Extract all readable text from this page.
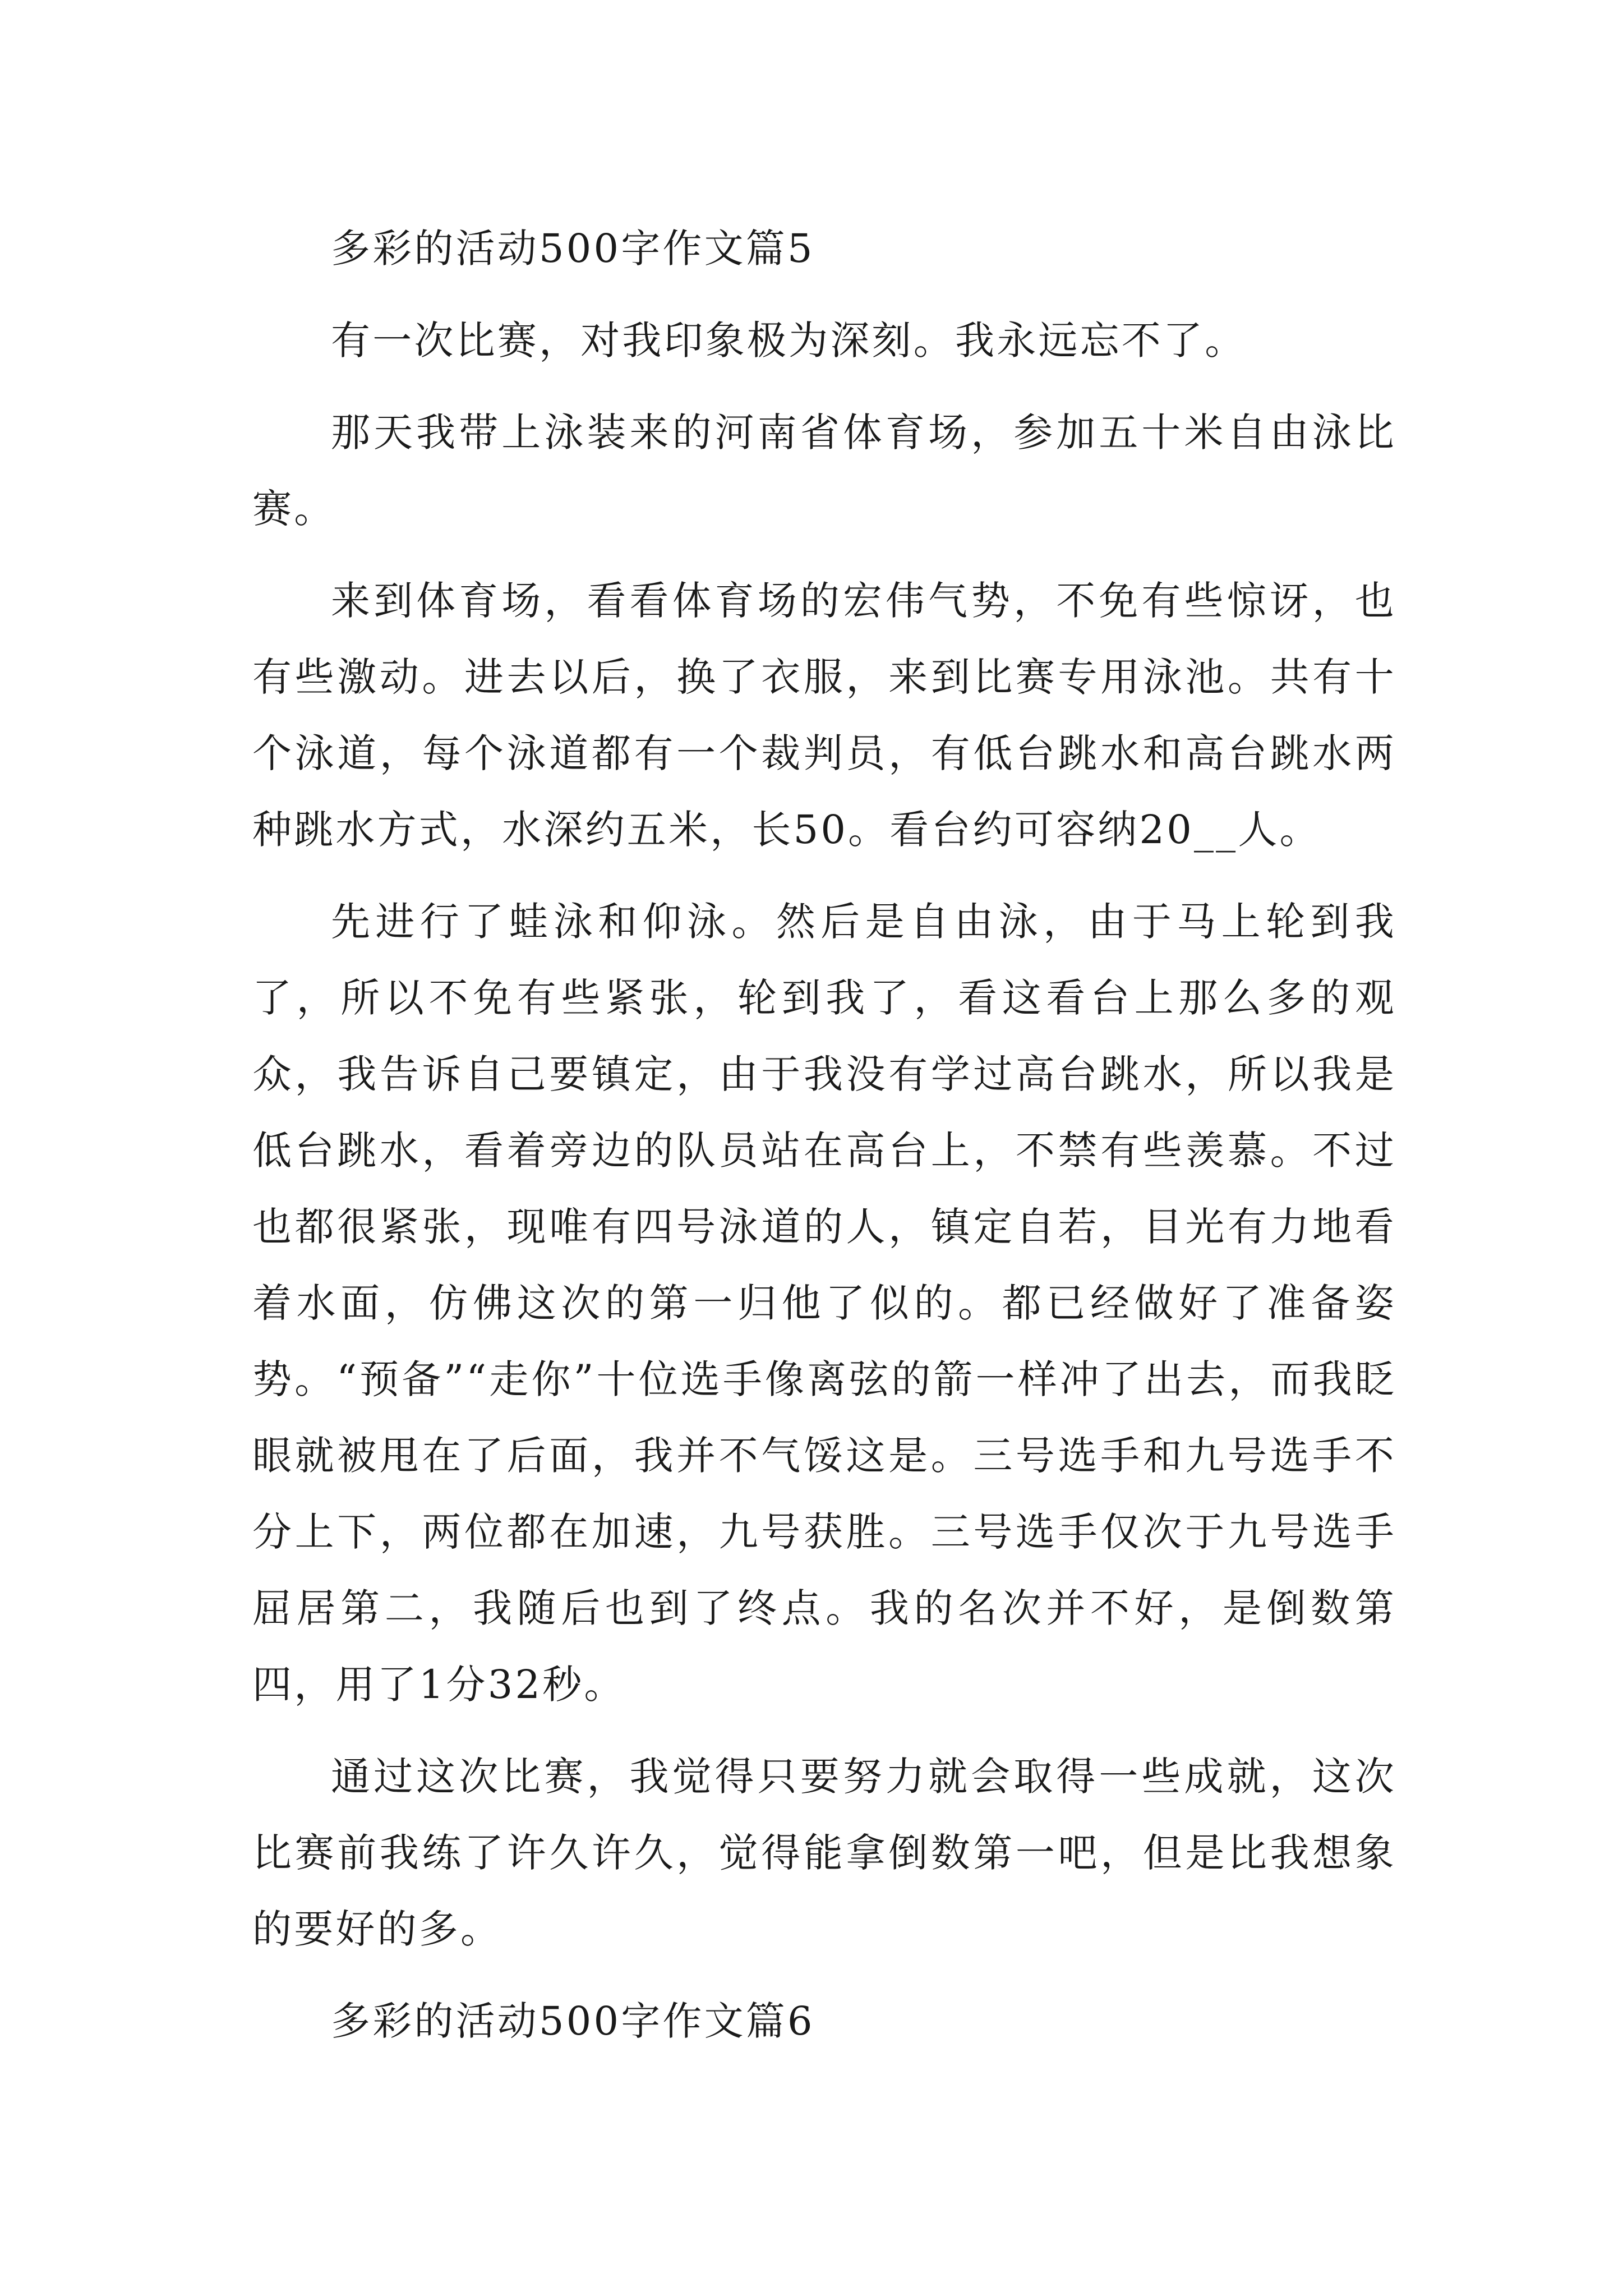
多彩的活动500字作文篇5

有一次比赛，对我印象极为深刻。我永远忘不了。

那天我带上泳装来的河南省体育场，参加五十米自由泳比赛。

来到体育场，看看体育场的宏伟气势，不免有些惊讶，也有些激动。进去以后，换了衣服，来到比赛专用泳池。共有十个泳道，每个泳道都有一个裁判员，有低台跳水和高台跳水两种跳水方式，水深约五米，长50。看台约可容纳20__人。

先进行了蛙泳和仰泳。然后是自由泳，由于马上轮到我了，所以不免有些紧张，轮到我了，看这看台上那么多的观众，我告诉自己要镇定，由于我没有学过高台跳水，所以我是低台跳水，看着旁边的队员站在高台上，不禁有些羡慕。不过也都很紧张，现唯有四号泳道的人，镇定自若，目光有力地看着水面，仿佛这次的第一归他了似的。都已经做好了准备姿势。“预备”“走你”十位选手像离弦的箭一样冲了出去，而我眨眼就被甩在了后面，我并不气馁这是。三号选手和九号选手不分上下，两位都在加速，九号获胜。三号选手仅次于九号选手屈居第二，我随后也到了终点。我的名次并不好，是倒数第四，用了1分32秒。

通过这次比赛，我觉得只要努力就会取得一些成就，这次比赛前我练了许久许久，觉得能拿倒数第一吧，但是比我想象的要好的多。

多彩的活动500字作文篇6
